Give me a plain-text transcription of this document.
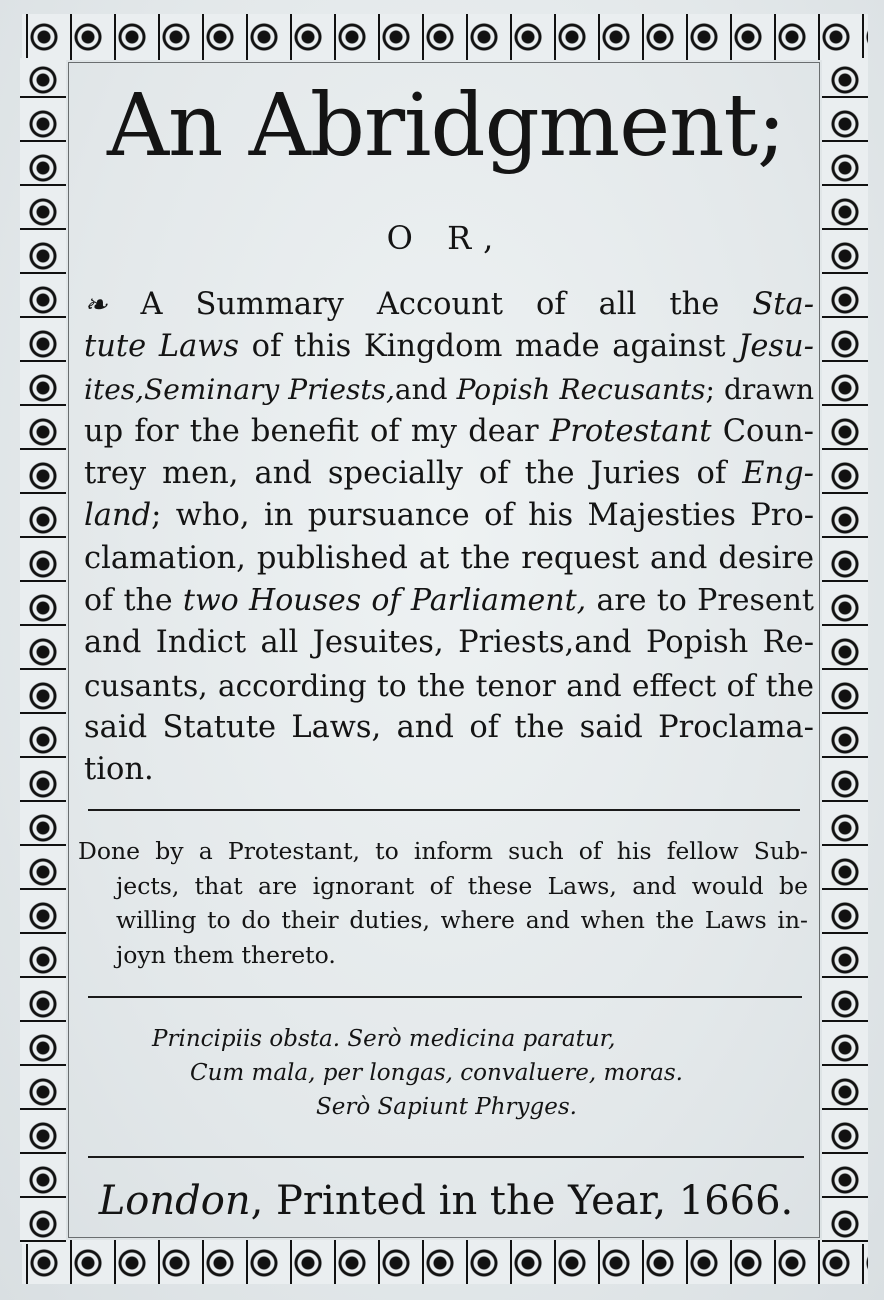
An Abridgment;
O R,
❧ A Summary Account of all the Sta-
tute Laws of this Kingdom made against Jesu-
ites,Seminary Priests,and Popish Recusants; drawn
up for the benefit of my dear Protestant Coun-
trey men, and specially of the Juries of Eng-
land; who, in pursuance of his Majesties Pro-
clamation, published at the request and desire
of the two Houses of Parliament, are to Present
and Indict all Jesuites, Priests,and Popish Re-
cusants, according to the tenor and effect of the
said Statute Laws, and of the said Proclama-
tion.
Done by a Protestant, to inform such of his fellow Sub-
jects, that are ignorant of these Laws, and would be
willing to do their duties, where and when the Laws in-
joyn them thereto.
Principiis obsta. Serò medicina paratur,
Cum mala, per longas, convaluere, moras.
Serò Sapiunt Phryges.
London, Printed in the Year, 1666.
